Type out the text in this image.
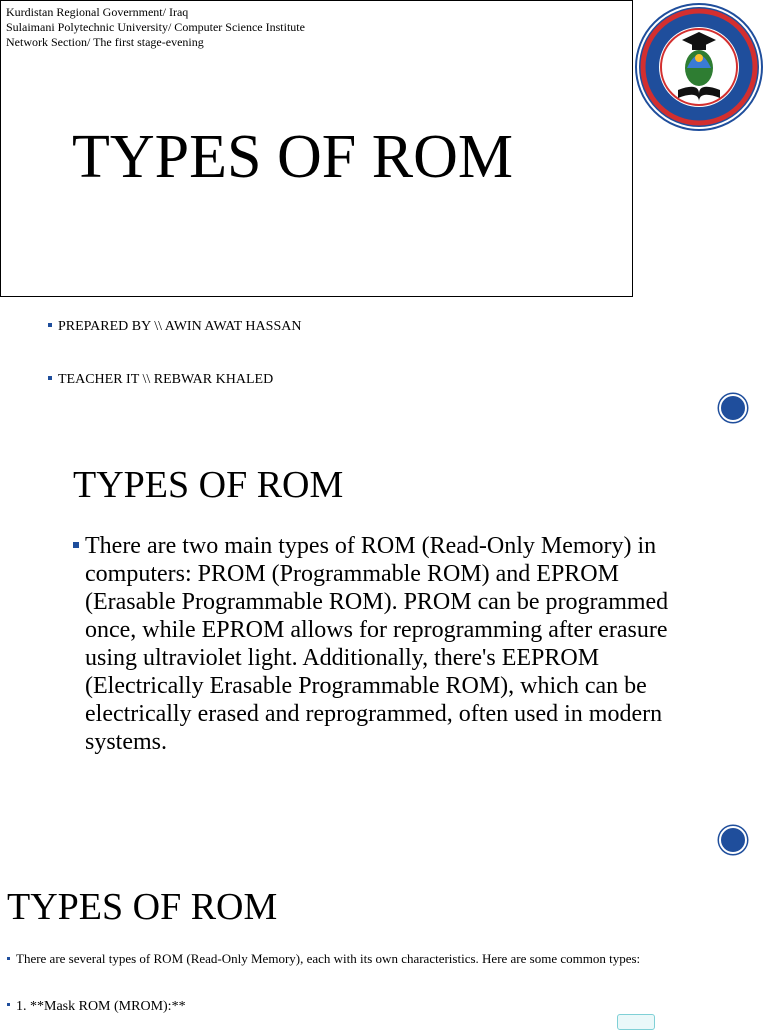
Kurdistan Regional Government/ Iraq
Sulaimani Polytechnic University/ Computer Science Institute
Network Section/ The first stage-evening
TYPES OF ROM
PREPARED BY \\ AWIN AWAT HASSAN
TEACHER IT \\ REBWAR KHALED
TYPES OF ROM

There are two main types of ROM (Read-Only Memory) in computers: PROM (Programmable ROM) and EPROM (Erasable Programmable ROM). PROM can be programmed once, while EPROM allows for reprogramming after erasure using ultraviolet light. Additionally, there's EEPROM (Electrically Erasable Programmable ROM), which can be electrically erased and reprogrammed, often used in modern systems.

TYPES OF ROM
There are several types of ROM (Read-Only Memory), each with its own characteristics. Here are some common types:
1. **Mask ROM (MROM):**
